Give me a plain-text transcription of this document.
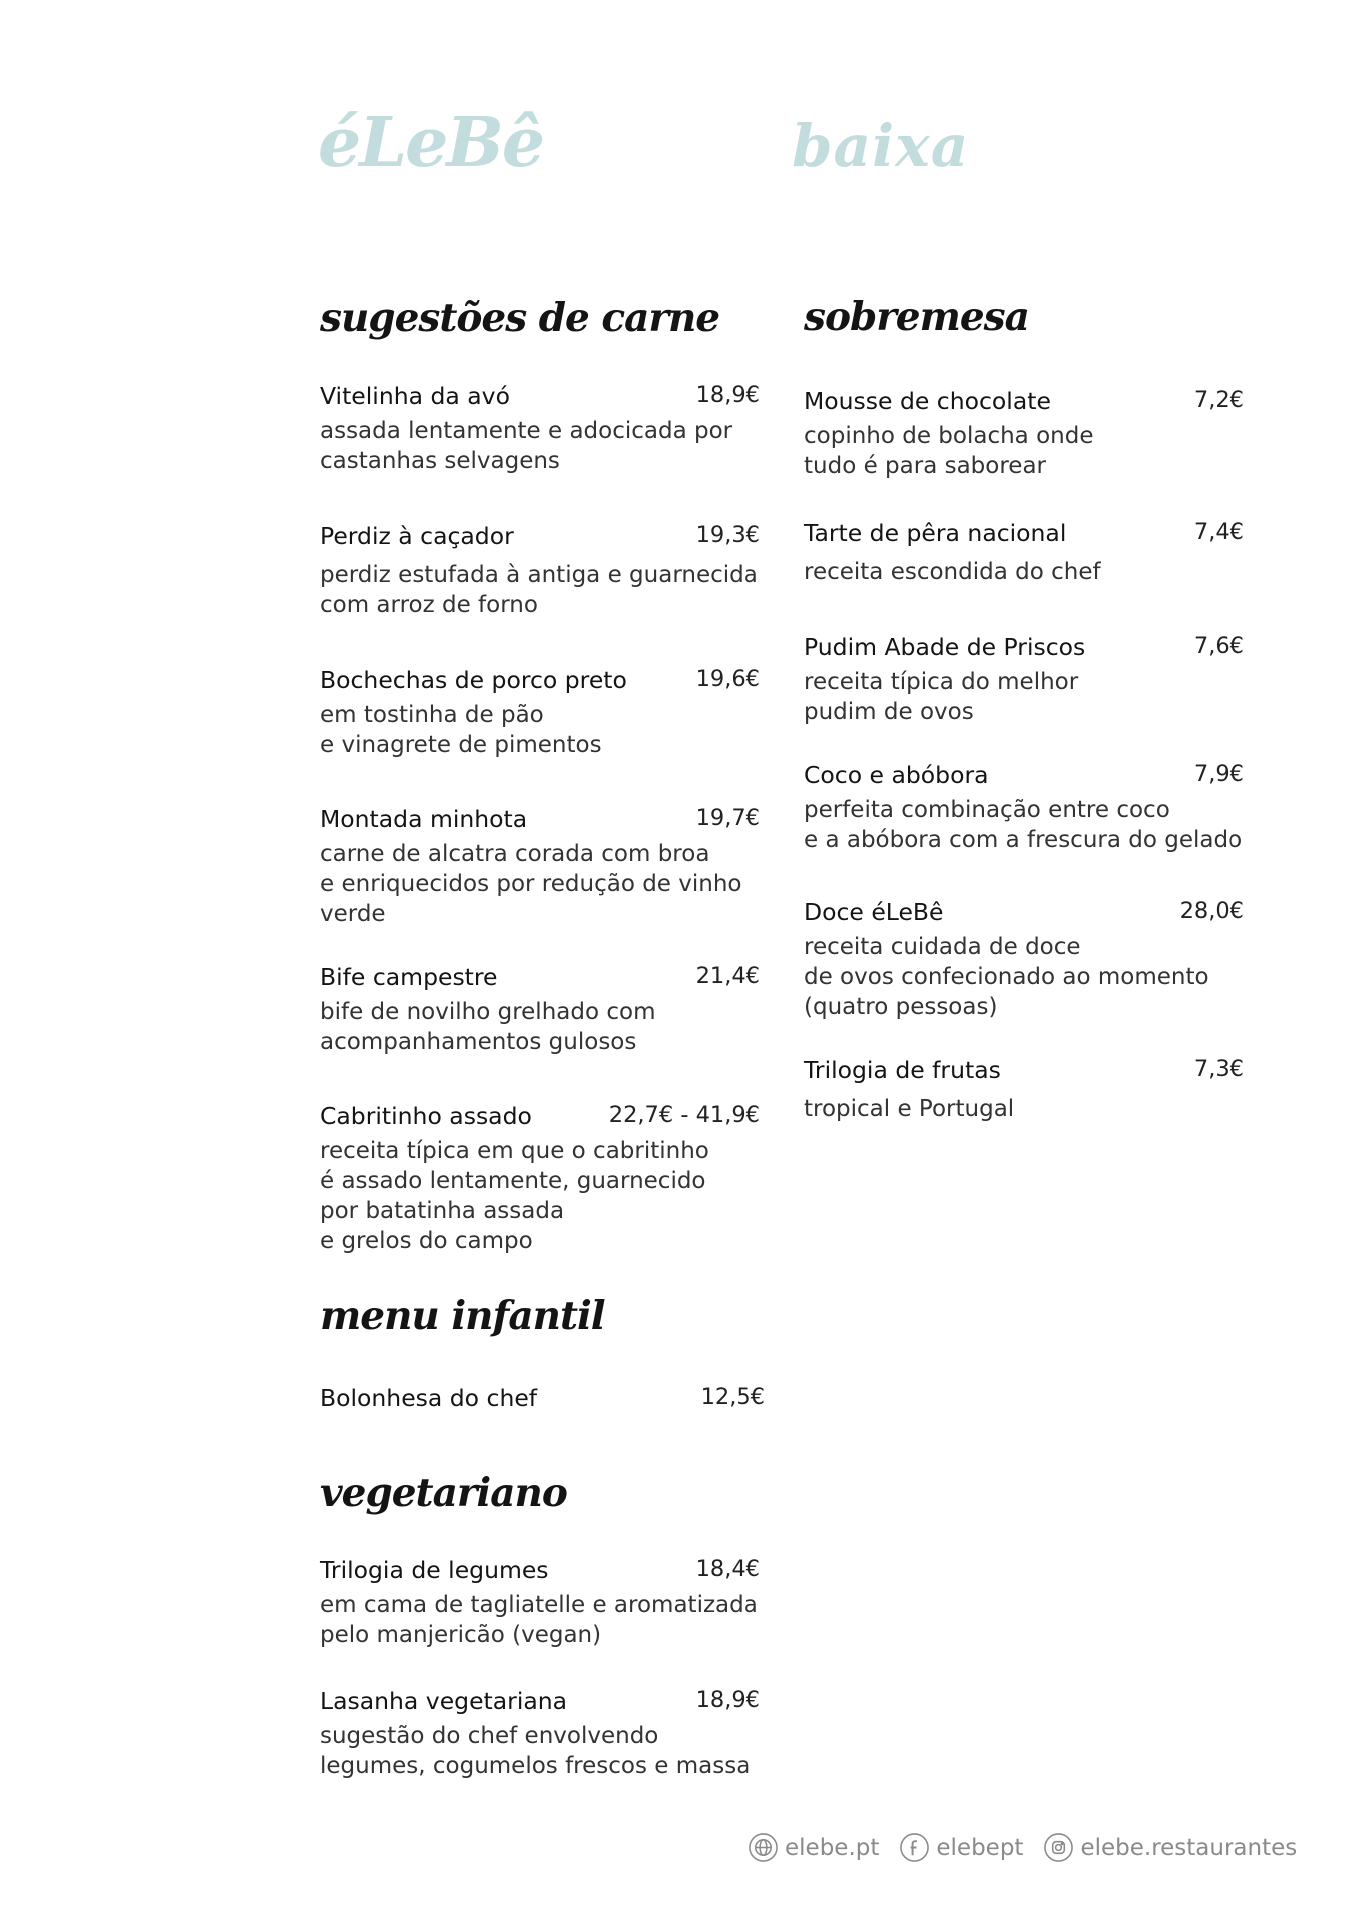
éLeBê	baixa
sugestões de carne
Vitelinha da avó	18,9€
assada lentamente e adocicada por
castanhas selvagens
Perdiz à caçador	19,3€
perdiz estufada à antiga e guarnecida
com arroz de forno
Bochechas de porco preto	19,6€
em tostinha de pão
e vinagrete de pimentos
Montada minhota	19,7€
carne de alcatra corada com broa
e enriquecidos por redução de vinho
verde
Bife campestre	21,4€
bife de novilho grelhado com
acompanhamentos gulosos
Cabritinho assado	22,7€ - 41,9€
receita típica em que o cabritinho
é assado lentamente, guarnecido
por batatinha assada
e grelos do campo
menu infantil
Bolonhesa do chef	12,5€
vegetariano
Trilogia de legumes	18,4€
em cama de tagliatelle e aromatizada
pelo manjericão (vegan)
Lasanha vegetariana	18,9€
sugestão do chef envolvendo
legumes, cogumelos frescos e massa
sobremesa
Mousse de chocolate	7,2€
copinho de bolacha onde
tudo é para saborear
Tarte de pêra nacional	7,4€
receita escondida do chef
Pudim Abade de Priscos	7,6€
receita típica do melhor
pudim de ovos
Coco e abóbora	7,9€
perfeita combinação entre coco
e a abóbora com a frescura do gelado
Doce éLeBê	28,0€
receita cuidada de doce
de ovos confecionado ao momento
(quatro pessoas)
Trilogia de frutas	7,3€
tropical e Portugal
elebe.pt elebept elebe.restaurantes
